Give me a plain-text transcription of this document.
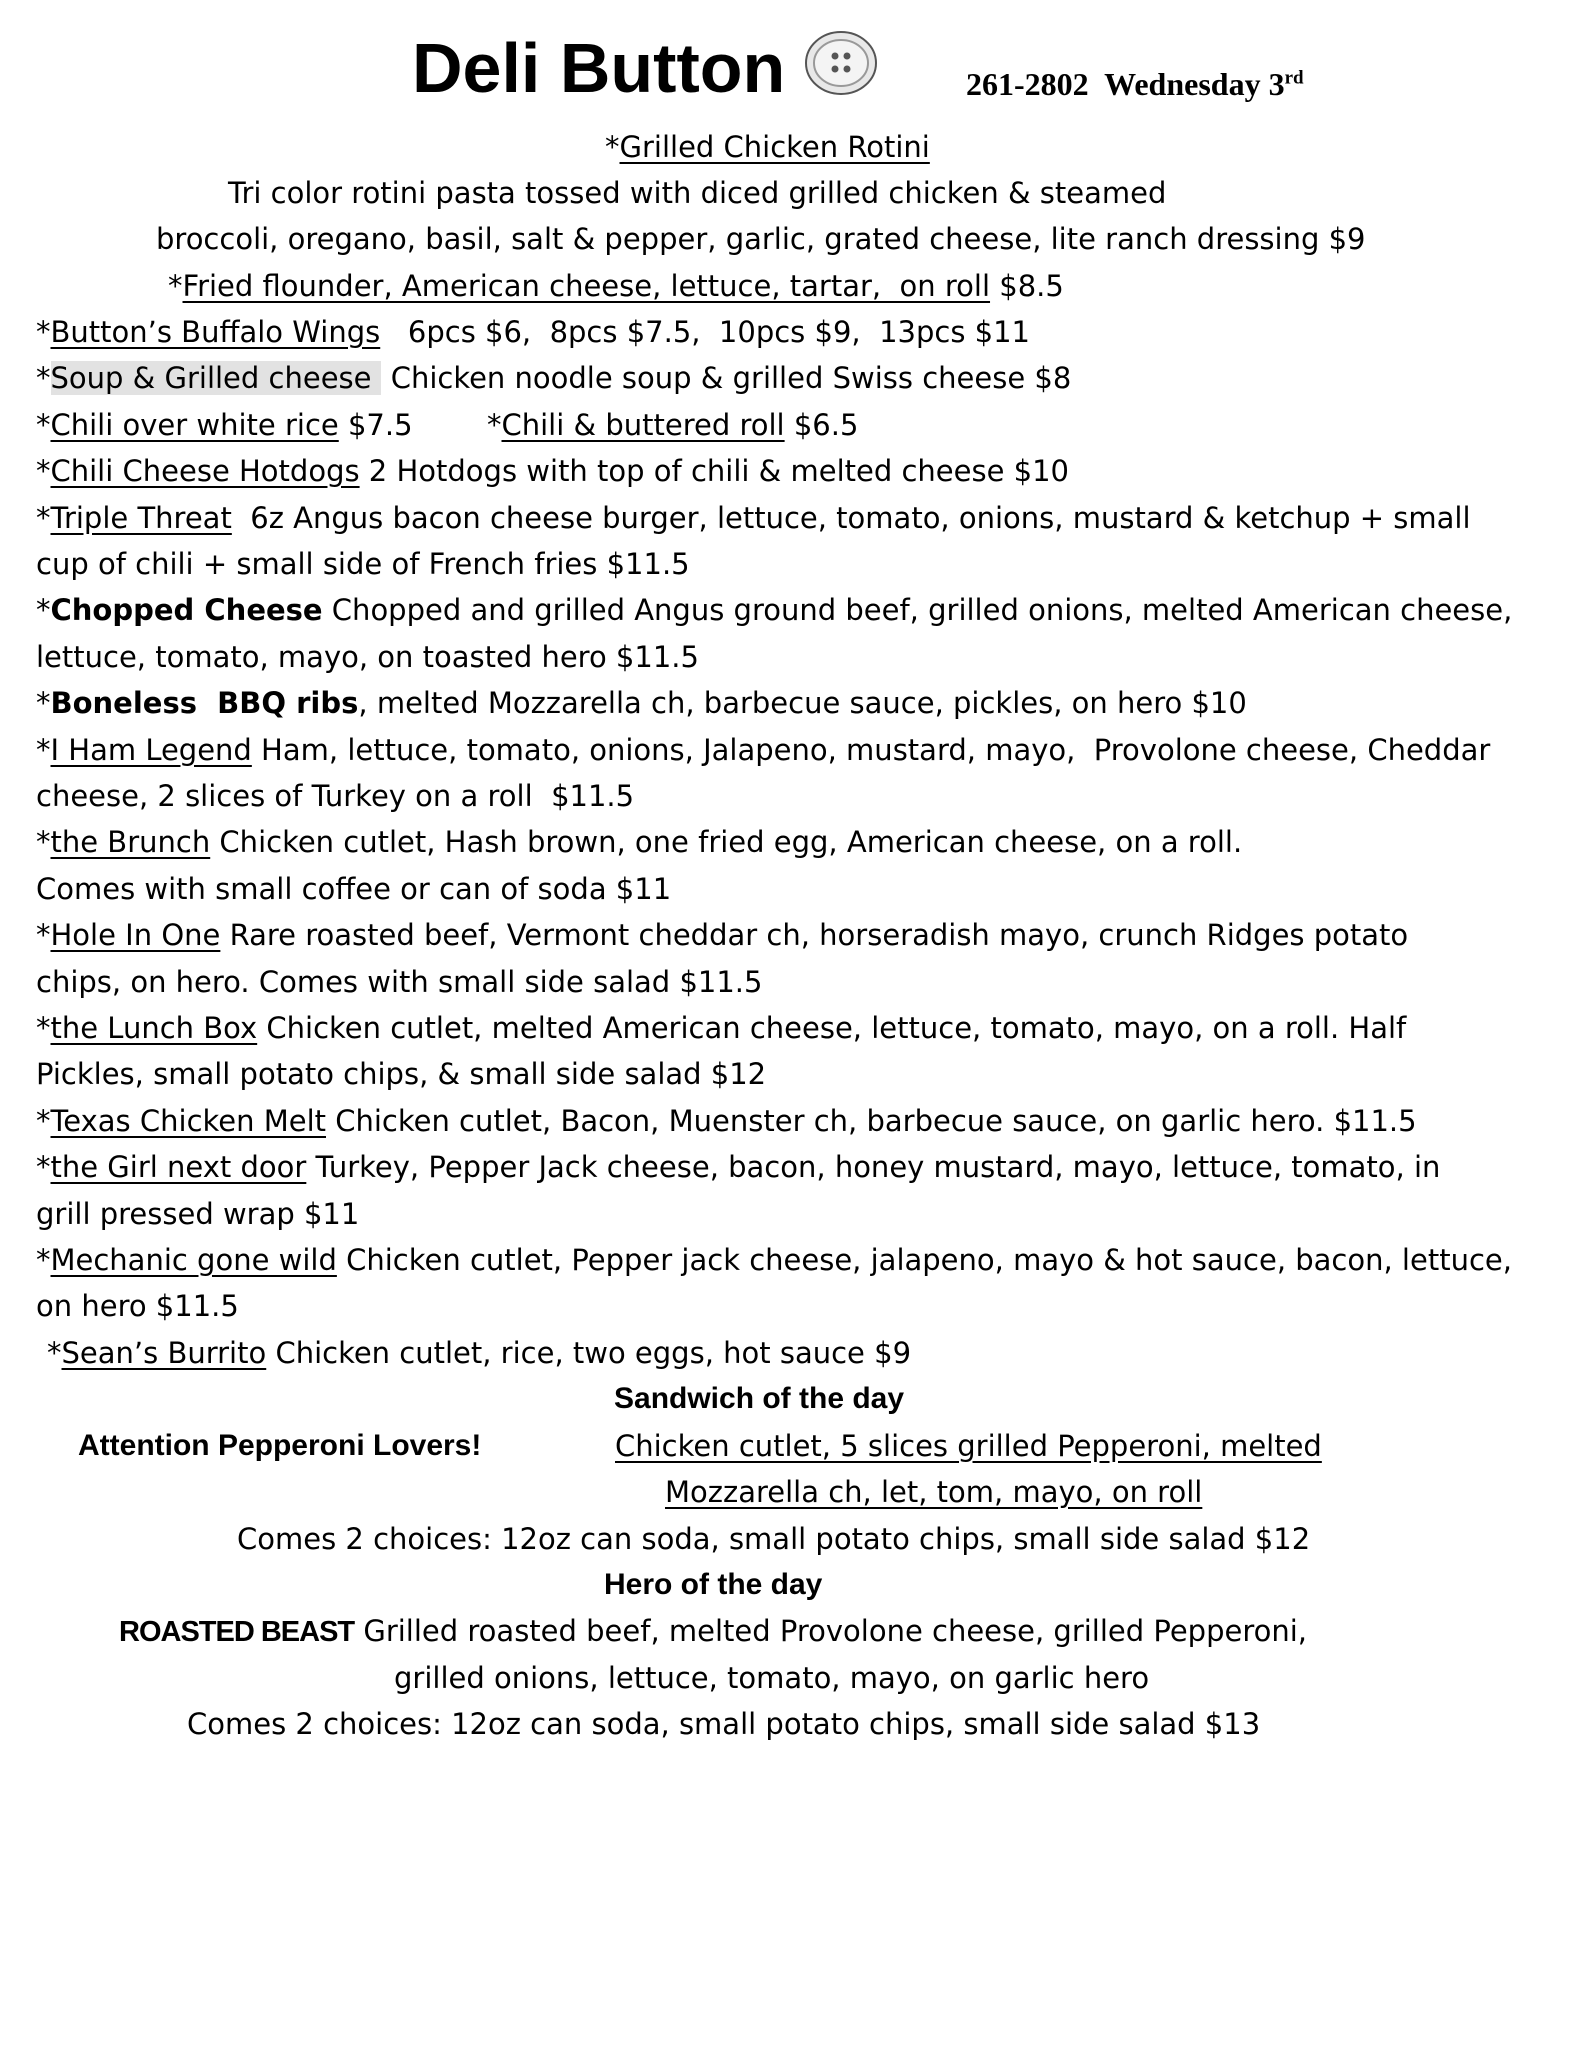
Deli Button	261-2802  Wednesday 3rd
*Grilled Chicken Rotini
Tri color rotini pasta tossed with diced grilled chicken & steamed
broccoli, oregano, basil, salt & pepper, garlic, grated cheese, lite ranch dressing $9
*Fried flounder, American cheese, lettuce, tartar,  on roll $8.5
*Button’s Buffalo Wings   6pcs $6,  8pcs $7.5,  10pcs $9,  13pcs $11
*Soup & Grilled cheese Chicken noodle soup & grilled Swiss cheese $8
*Chili over white rice $7.5	*Chili & buttered roll $6.5
*Chili Cheese Hotdogs 2 Hotdogs with top of chili & melted cheese $10
*Triple Threat  6z Angus bacon cheese burger, lettuce, tomato, onions, mustard & ketchup + small
cup of chili + small side of French fries $11.5
*Chopped Cheese Chopped and grilled Angus ground beef, grilled onions, melted American cheese,
lettuce, tomato, mayo, on toasted hero $11.5
*Boneless  BBQ ribs, melted Mozzarella ch, barbecue sauce, pickles, on hero $10
*I Ham Legend Ham, lettuce, tomato, onions, Jalapeno, mustard, mayo,  Provolone cheese, Cheddar
cheese, 2 slices of Turkey on a roll  $11.5
*the Brunch Chicken cutlet, Hash brown, one fried egg, American cheese, on a roll.
Comes with small coffee or can of soda $11
*Hole In One Rare roasted beef, Vermont cheddar ch, horseradish mayo, crunch Ridges potato
chips, on hero. Comes with small side salad $11.5
*the Lunch Box Chicken cutlet, melted American cheese, lettuce, tomato, mayo, on a roll. Half
Pickles, small potato chips, & small side salad $12
*Texas Chicken Melt Chicken cutlet, Bacon, Muenster ch, barbecue sauce, on garlic hero. $11.5
*the Girl next door Turkey, Pepper Jack cheese, bacon, honey mustard, mayo, lettuce, tomato, in
grill pressed wrap $11
*Mechanic gone wild Chicken cutlet, Pepper jack cheese, jalapeno, mayo & hot sauce, bacon, lettuce,
on hero $11.5
*Sean’s Burrito Chicken cutlet, rice, two eggs, hot sauce $9
Sandwich of the day
Attention Pepperoni Lovers!	Chicken cutlet, 5 slices grilled Pepperoni, melted
Mozzarella ch, let, tom, mayo, on roll
Comes 2 choices: 12oz can soda, small potato chips, small side salad $12
Hero of the day
ROASTED BEAST Grilled roasted beef, melted Provolone cheese, grilled Pepperoni,
grilled onions, lettuce, tomato, mayo, on garlic hero
Comes 2 choices: 12oz can soda, small potato chips, small side salad $13
